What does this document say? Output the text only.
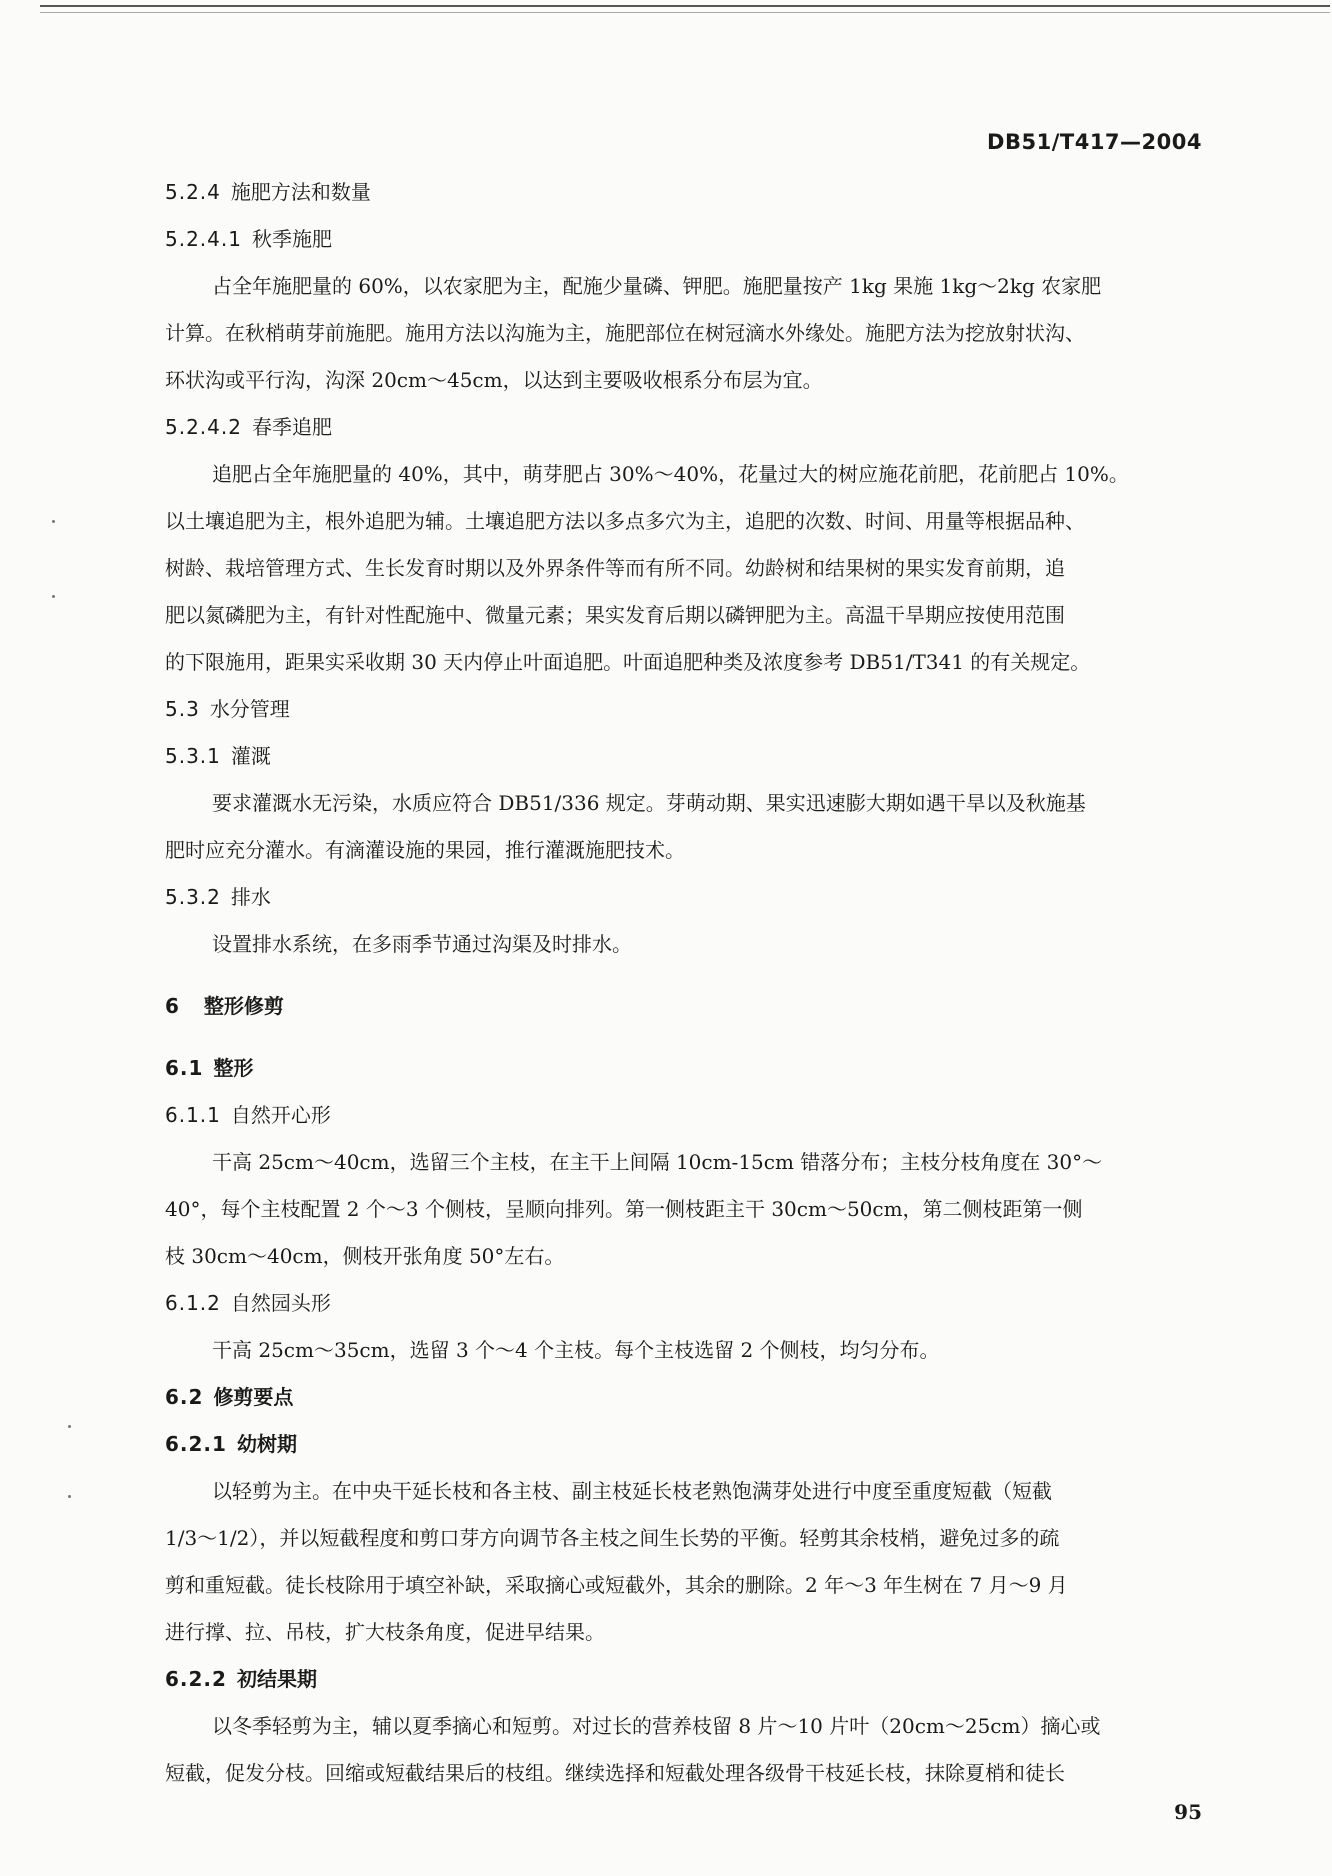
DB51/T417—2004
5.2.4 施肥方法和数量
5.2.4.1 秋季施肥
占全年施肥量的 60%，以农家肥为主，配施少量磷、钾肥。施肥量按产 1kg 果施 1kg～2kg 农家肥
计算。在秋梢萌芽前施肥。施用方法以沟施为主，施肥部位在树冠滴水外缘处。施肥方法为挖放射状沟、
环状沟或平行沟，沟深 20cm～45cm，以达到主要吸收根系分布层为宜。
5.2.4.2 春季追肥
追肥占全年施肥量的 40%，其中，萌芽肥占 30%～40%，花量过大的树应施花前肥，花前肥占 10%。
以土壤追肥为主，根外追肥为辅。土壤追肥方法以多点多穴为主，追肥的次数、时间、用量等根据品种、
树龄、栽培管理方式、生长发育时期以及外界条件等而有所不同。幼龄树和结果树的果实发育前期，追
肥以氮磷肥为主，有针对性配施中、微量元素；果实发育后期以磷钾肥为主。高温干旱期应按使用范围
的下限施用，距果实采收期 30 天内停止叶面追肥。叶面追肥种类及浓度参考 DB51/T341 的有关规定。
5.3 水分管理
5.3.1 灌溉
要求灌溉水无污染，水质应符合 DB51/336 规定。芽萌动期、果实迅速膨大期如遇干旱以及秋施基
肥时应充分灌水。有滴灌设施的果园，推行灌溉施肥技术。
5.3.2 排水
设置排水系统，在多雨季节通过沟渠及时排水。
6 整形修剪
6.1 整形
6.1.1 自然开心形
干高 25cm～40cm，选留三个主枝，在主干上间隔 10cm-15cm 错落分布；主枝分枝角度在 30°～
40°，每个主枝配置 2 个～3 个侧枝，呈顺向排列。第一侧枝距主干 30cm～50cm，第二侧枝距第一侧
枝 30cm～40cm，侧枝开张角度 50°左右。
6.1.2 自然园头形
干高 25cm～35cm，选留 3 个～4 个主枝。每个主枝选留 2 个侧枝，均匀分布。
6.2 修剪要点
6.2.1 幼树期
以轻剪为主。在中央干延长枝和各主枝、副主枝延长枝老熟饱满芽处进行中度至重度短截（短截
1/3～1/2），并以短截程度和剪口芽方向调节各主枝之间生长势的平衡。轻剪其余枝梢，避免过多的疏
剪和重短截。徒长枝除用于填空补缺，采取摘心或短截外，其余的删除。2 年～3 年生树在 7 月～9 月
进行撑、拉、吊枝，扩大枝条角度，促进早结果。
6.2.2 初结果期
以冬季轻剪为主，辅以夏季摘心和短剪。对过长的营养枝留 8 片～10 片叶（20cm～25cm）摘心或
短截，促发分枝。回缩或短截结果后的枝组。继续选择和短截处理各级骨干枝延长枝，抹除夏梢和徒长
95
